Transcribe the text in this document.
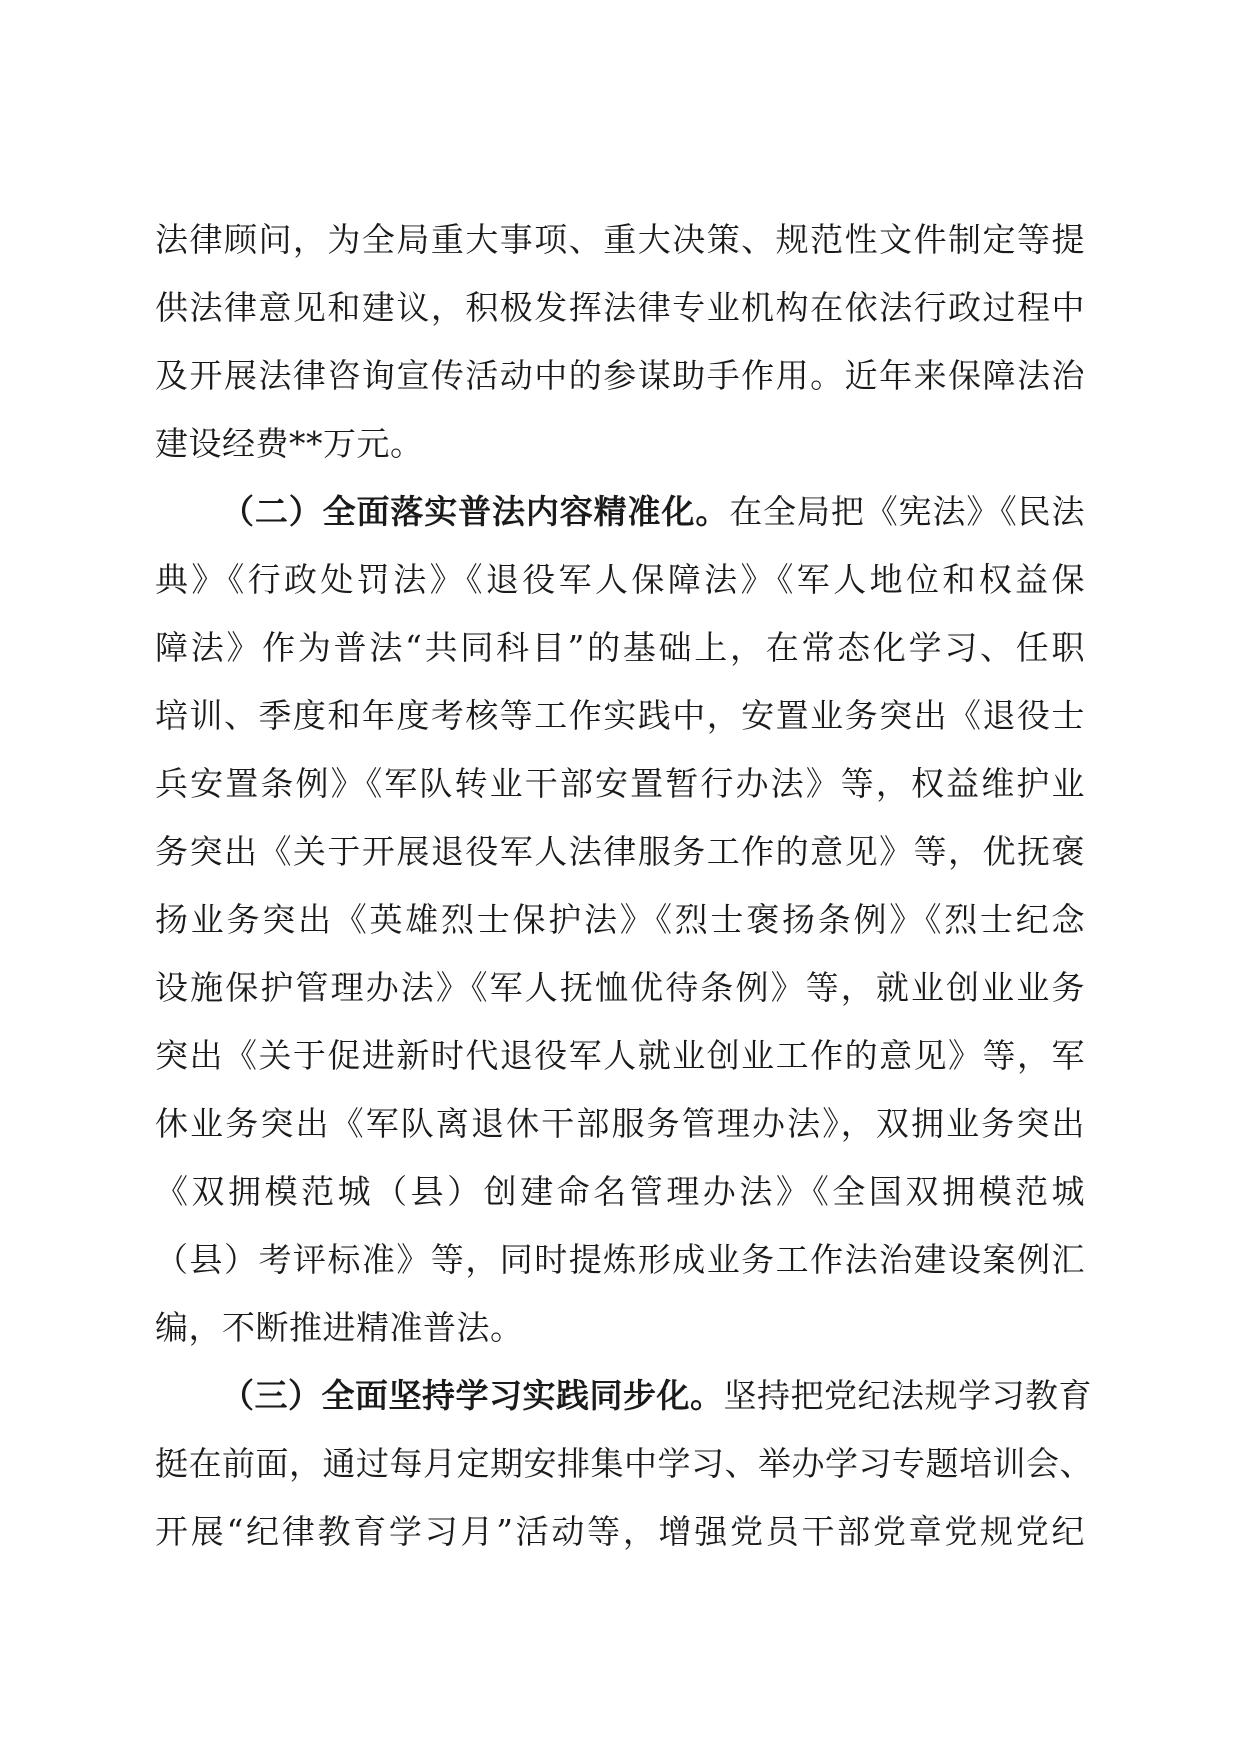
法律顾问，为全局重大事项、重大决策、规范性文件制定等提
供法律意见和建议，积极发挥法律专业机构在依法行政过程中
及开展法律咨询宣传活动中的参谋助手作用。近年来保障法治
建设经费**万元。
（二）全面落实普法内容精准化。在全局把《宪法》《民法
典》《行政处罚法》《退役军人保障法》《军人地位和权益保
障法》作为普法“共同科目”的基础上，在常态化学习、任职
培训、季度和年度考核等工作实践中，安置业务突出《退役士
兵安置条例》《军队转业干部安置暂行办法》等，权益维护业
务突出《关于开展退役军人法律服务工作的意见》等，优抚褒
扬业务突出《英雄烈士保护法》《烈士褒扬条例》《烈士纪念
设施保护管理办法》《军人抚恤优待条例》等，就业创业业务
突出《关于促进新时代退役军人就业创业工作的意见》等，军
休业务突出《军队离退休干部服务管理办法》，双拥业务突出
《双拥模范城（县）创建命名管理办法》《全国双拥模范城
（县）考评标准》等，同时提炼形成业务工作法治建设案例汇
编，不断推进精准普法。
（三）全面坚持学习实践同步化。坚持把党纪法规学习教育
挺在前面，通过每月定期安排集中学习、举办学习专题培训会、
开展“纪律教育学习月”活动等，增强党员干部党章党规党纪
